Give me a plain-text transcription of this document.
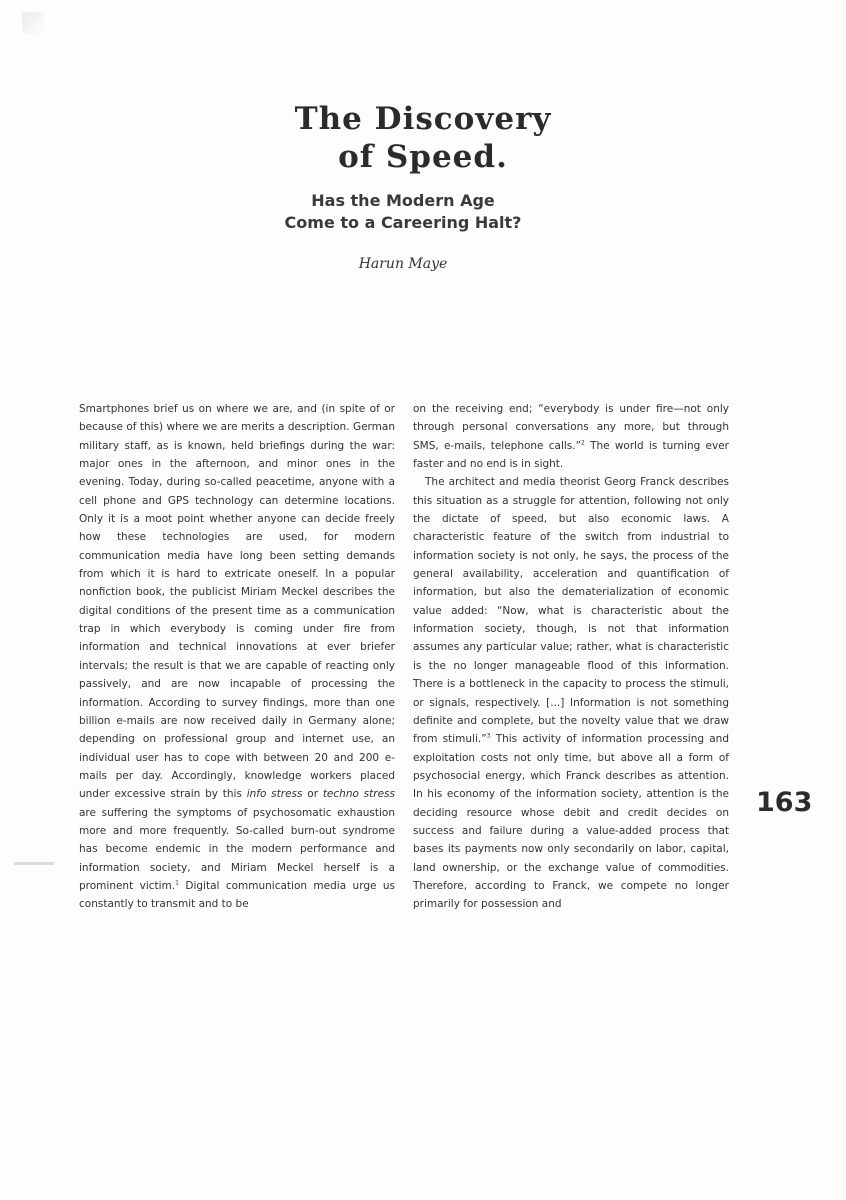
The Discovery
of Speed.
Has the Modern Age
Come to a Careering Halt?
Harun Maye

Smartphones brief us on where we are, and (in spite of or because of this) where we are merits a description. German military staff, as is known, held briefings during the war: major ones in the afternoon, and minor ones in the evening. Today, during so-called peacetime, anyone with a cell phone and GPS technology can determine locations. Only it is a moot point whether anyone can decide freely how these technologies are used, for modern communication media have long been setting demands from which it is hard to extricate oneself. In a popular nonfiction book, the publicist Miriam Meckel describes the digital conditions of the present time as a communication trap in which everybody is coming under fire from information and technical innovations at ever briefer intervals; the result is that we are capable of reacting only passively, and are now incapable of processing the information. According to survey findings, more than one billion e-mails are now received daily in Germany alone; depending on professional group and internet use, an individual user has to cope with between 20 and 200 e-mails per day. Accordingly, knowledge workers placed under excessive strain by this info stress or techno stress are suffering the symptoms of psychosomatic exhaustion more and more frequently. So-called burn-out syndrome has become endemic in the modern performance and information society, and Miriam Meckel herself is a prominent victim.$^1$ Digital communication media urge us constantly to transmit and to be

on the receiving end; “everybody is under fire—not only through personal conversations any more, but through SMS, e-mails, telephone calls.”$^2$ The world is turning ever faster and no end is in sight.

The architect and media theorist Georg Franck describes this situation as a struggle for attention, following not only the dictate of speed, but also economic laws. A characteristic feature of the switch from industrial to information society is not only, he says, the process of the general availability, acceleration and quantification of information, but also the dematerialization of economic value added: “Now, what is characteristic about the information society, though, is not that information assumes any particular value; rather, what is characteristic is the no longer manageable flood of this information. There is a bottleneck in the capacity to process the stimuli, or signals, respectively. [...] Information is not something definite and complete, but the novelty value that we draw from stimuli.”$^3$ This activity of information processing and exploitation costs not only time, but above all a form of psychosocial energy, which Franck describes as attention. In his economy of the information society, attention is the deciding resource whose debit and credit decides on success and failure during a value-added process that bases its payments now only secondarily on labor, capital, land ownership, or the exchange value of commodities. Therefore, according to Franck, we compete no longer primarily for possession and

163
